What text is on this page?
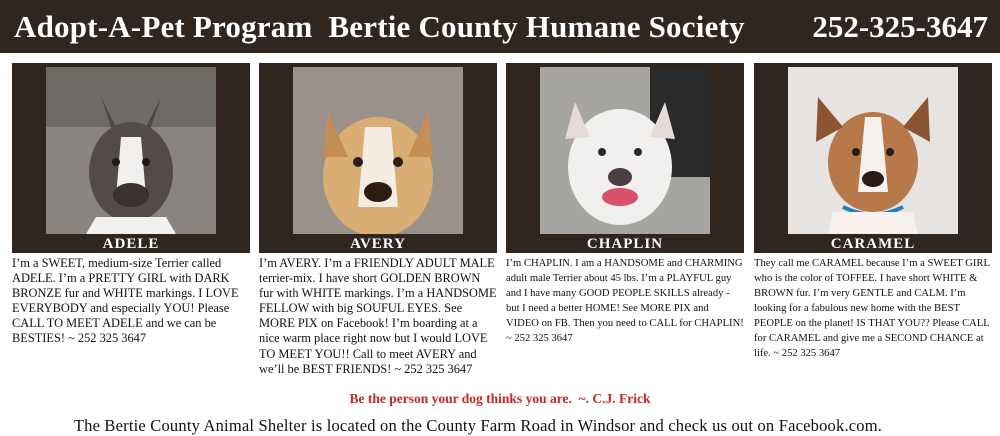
Adopt-A-Pet Program  Bertie County Humane Society 252-325-3647
ADELE
I’m a SWEET, medium-size Terrier called ADELE. I’m a PRETTY GIRL with DARK BRONZE fur and WHITE markings. I LOVE EVERYBODY and especially YOU! Please CALL TO MEET ADELE and we can be BESTIES! ~ 252 325 3647
AVERY
I’m AVERY. I’m a FRIENDLY ADULT MALE terrier-mix. I have short GOLDEN BROWN fur with WHITE markings. I’m a HANDSOME FELLOW with big SOUFUL EYES. See MORE PIX on Facebook! I’m boarding at a nice warm place right now but I would LOVE TO MEET YOU!! Call to meet AVERY and we’ll be BEST FRIENDS! ~ 252 325 3647
CHAPLIN
I’m CHAPLIN. I am a HANDSOME and CHARMING adult male Terrier about 45 lbs. I’m a PLAYFUL guy and I have many GOOD PEOPLE SKILLS already - but I need a better HOME! See MORE PIX and VIDEO on FB. Then you need to CALL for CHAPLIN! ~ 252 325 3647
CARAMEL
They call me CARAMEL because I’m a SWEET GIRL who is the color of TOFFEE. I have short WHITE & BROWN fur. I’m very GENTLE and CALM. I’m looking for a fabulous new home with the BEST PEOPLE on the planet! IS THAT YOU?? Please CALL for CARAMEL and give me a SECOND CHANCE at life. ~ 252 325 3647
Be the person your dog thinks you are.  ~. C.J. Frick
The Bertie County Animal Shelter is located on the County Farm Road in Windsor and check us out on Facebook.com.
